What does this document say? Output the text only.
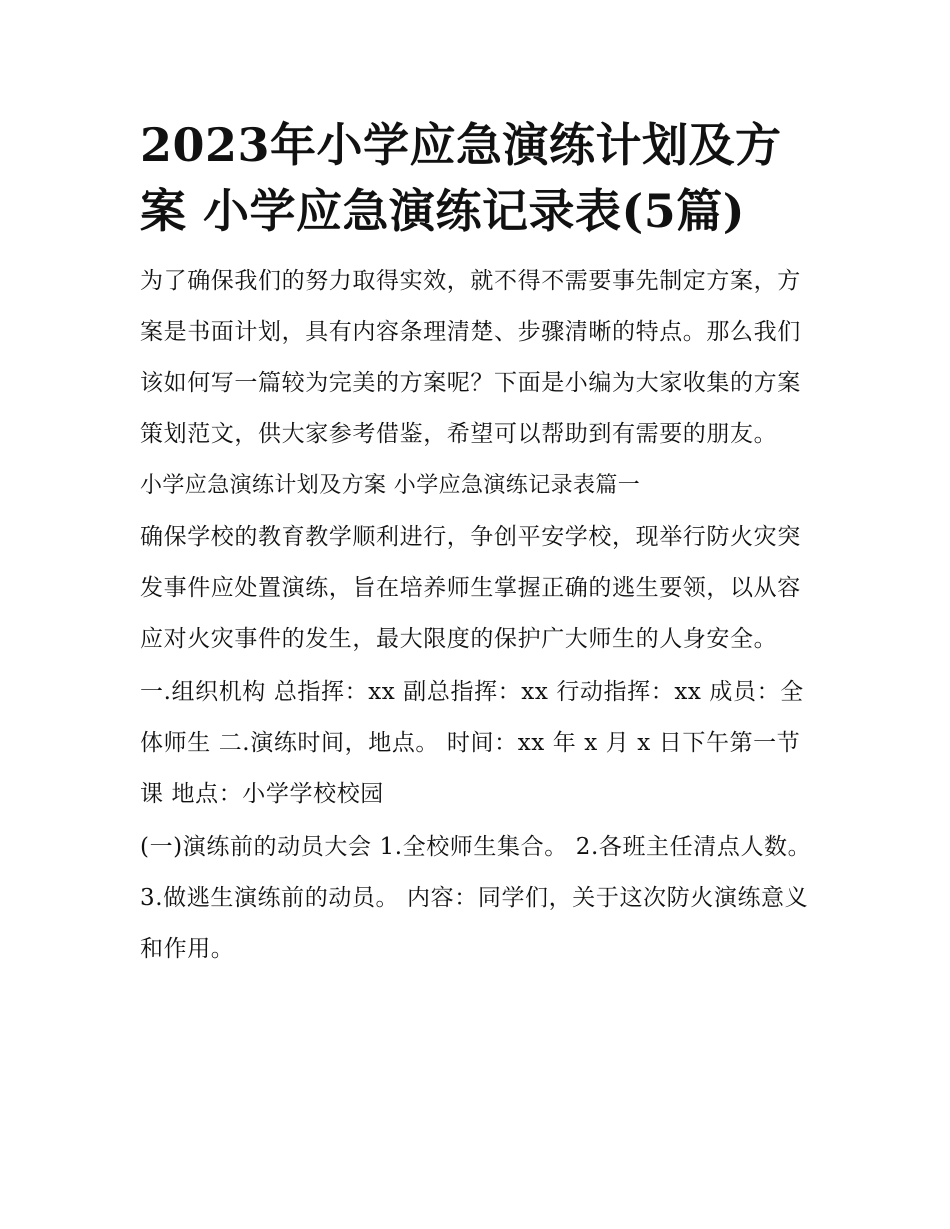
2023年小学应急演练计划及方案 小学应急演练记录表(5篇)

为了确保我们的努力取得实效，就不得不需要事先制定方案，方案是书面计划，具有内容条理清楚、步骤清晰的特点。那么我们该如何写一篇较为完美的方案呢？下面是小编为大家收集的方案策划范文，供大家参考借鉴，希望可以帮助到有需要的朋友。

小学应急演练计划及方案 小学应急演练记录表篇一

确保学校的教育教学顺利进行，争创平安学校，现举行防火灾突发事件应处置演练，旨在培养师生掌握正确的逃生要领，以从容应对火灾事件的发生，最大限度的保护广大师生的人身安全。

一.组织机构 总指挥：xx 副总指挥：xx 行动指挥：xx 成员：全体师生 二.演练时间，地点。 时间：xx 年 x 月 x 日下午第一节课 地点：小学学校校园

(一)演练前的动员大会 1.全校师生集合。 2.各班主任清点人数。 3.做逃生演练前的动员。 内容：同学们，关于这次防火演练意义和作用。
